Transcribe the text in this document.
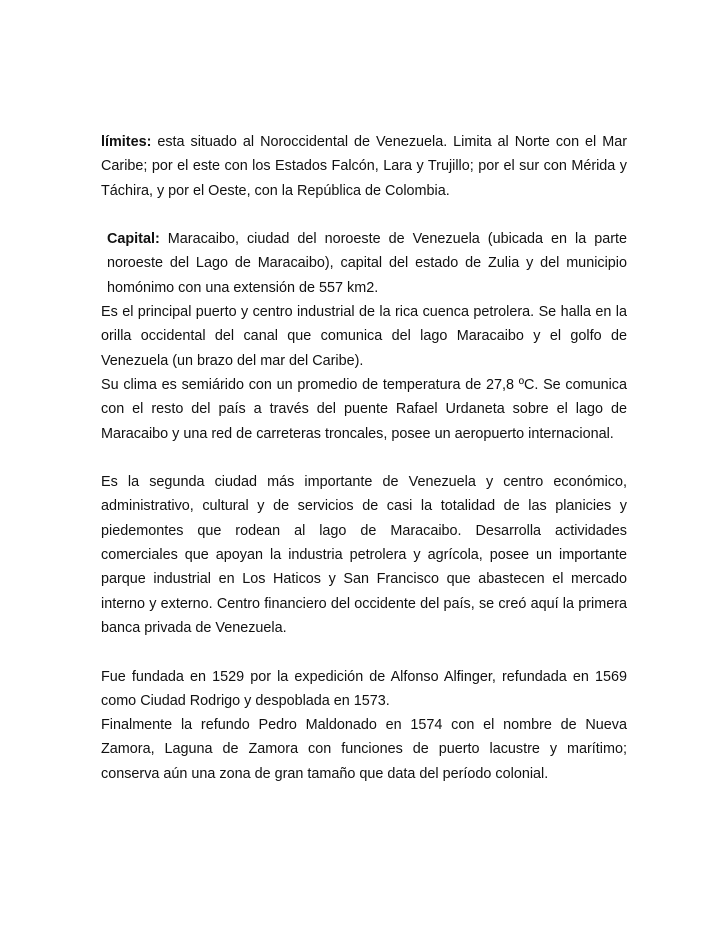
límites: esta situado al Noroccidental de Venezuela. Limita al Norte con el Mar Caribe; por el este con los Estados Falcón, Lara y Trujillo; por el sur con Mérida y Táchira, y por el Oeste, con la República de Colombia.

Capital: Maracaibo, ciudad del noroeste de Venezuela (ubicada en la parte noroeste del Lago de Maracaibo), capital del estado de Zulia y del municipio homónimo con una extensión de 557 km2.

Es el principal puerto y centro industrial de la rica cuenca petrolera. Se halla en la orilla occidental del canal que comunica del lago Maracaibo y el golfo de Venezuela (un brazo del mar del Caribe).

Su clima es semiárido con un promedio de temperatura de 27,8 ºC. Se comunica con el resto del país a través del puente Rafael Urdaneta sobre el lago de Maracaibo y una red de carreteras troncales, posee un aeropuerto internacional.

Es la segunda ciudad más importante de Venezuela y centro económico, administrativo, cultural y de servicios de casi la totalidad de las planicies y piedemontes que rodean al lago de Maracaibo. Desarrolla actividades comerciales que apoyan la industria petrolera y agrícola, posee un importante parque industrial en Los Haticos y San Francisco que abastecen el mercado interno y externo. Centro financiero del occidente del país, se creó aquí la primera banca privada de Venezuela.

Fue fundada en 1529 por la expedición de Alfonso Alfinger, refundada en 1569 como Ciudad Rodrigo y despoblada en 1573.

Finalmente la refundo Pedro Maldonado en 1574 con el nombre de Nueva Zamora, Laguna de Zamora con funciones de puerto lacustre y marítimo; conserva aún una zona de gran tamaño que data del período colonial.
